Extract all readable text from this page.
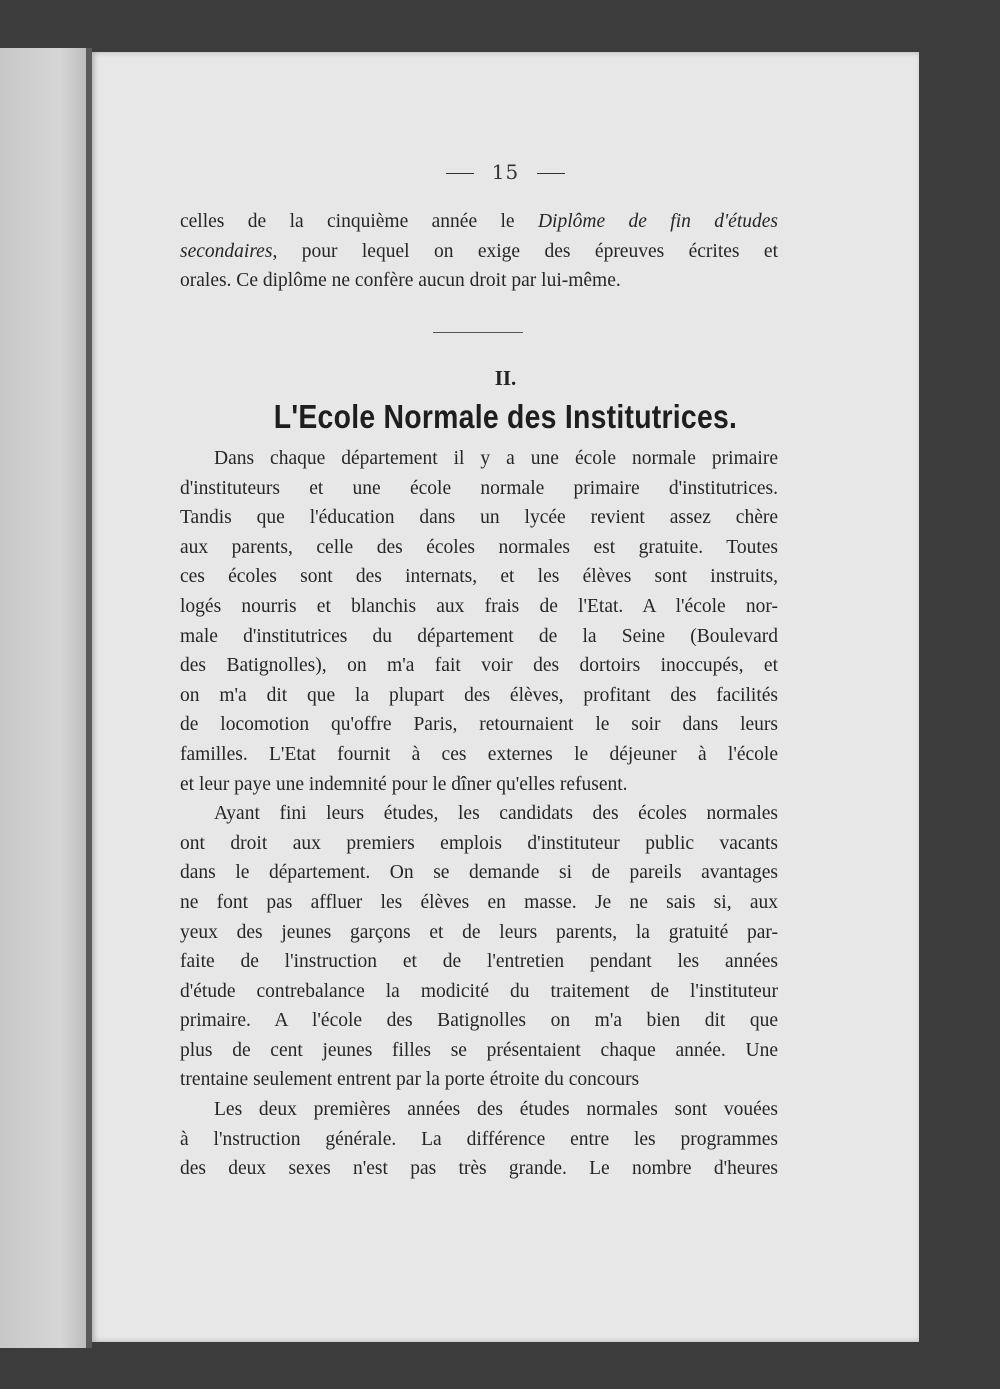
15
celles de la cinquième année le Diplôme de fin d'études
secondaires, pour lequel on exige des épreuves écrites et
orales. Ce diplôme ne confère aucun droit par lui-même.
II.
L'Ecole Normale des Institutrices.
Dans chaque département il y a une école normale primaire
d'instituteurs et une école normale primaire d'institutrices.
Tandis que l'éducation dans un lycée revient assez chère
aux parents, celle des écoles normales est gratuite. Toutes
ces écoles sont des internats, et les élèves sont instruits,
logés nourris et blanchis aux frais de l'Etat. A l'école nor-
male d'institutrices du département de la Seine (Boulevard
des Batignolles), on m'a fait voir des dortoirs inoccupés, et
on m'a dit que la plupart des élèves, profitant des facilités
de locomotion qu'offre Paris, retournaient le soir dans leurs
familles. L'Etat fournit à ces externes le déjeuner à l'école
et leur paye une indemnité pour le dîner qu'elles refusent.
Ayant fini leurs études, les candidats des écoles normales
ont droit aux premiers emplois d'instituteur public vacants
dans le département. On se demande si de pareils avantages
ne font pas affluer les élèves en masse. Je ne sais si, aux
yeux des jeunes garçons et de leurs parents, la gratuité par-
faite de l'instruction et de l'entretien pendant les années
d'étude contrebalance la modicité du traitement de l'instituteur
primaire. A l'école des Batignolles on m'a bien dit que
plus de cent jeunes filles se présentaient chaque année. Une
trentaine seulement entrent par la porte étroite du concours
Les deux premières années des études normales sont vouées
à l'nstruction générale. La différence entre les programmes
des deux sexes n'est pas très grande. Le nombre d'heures
